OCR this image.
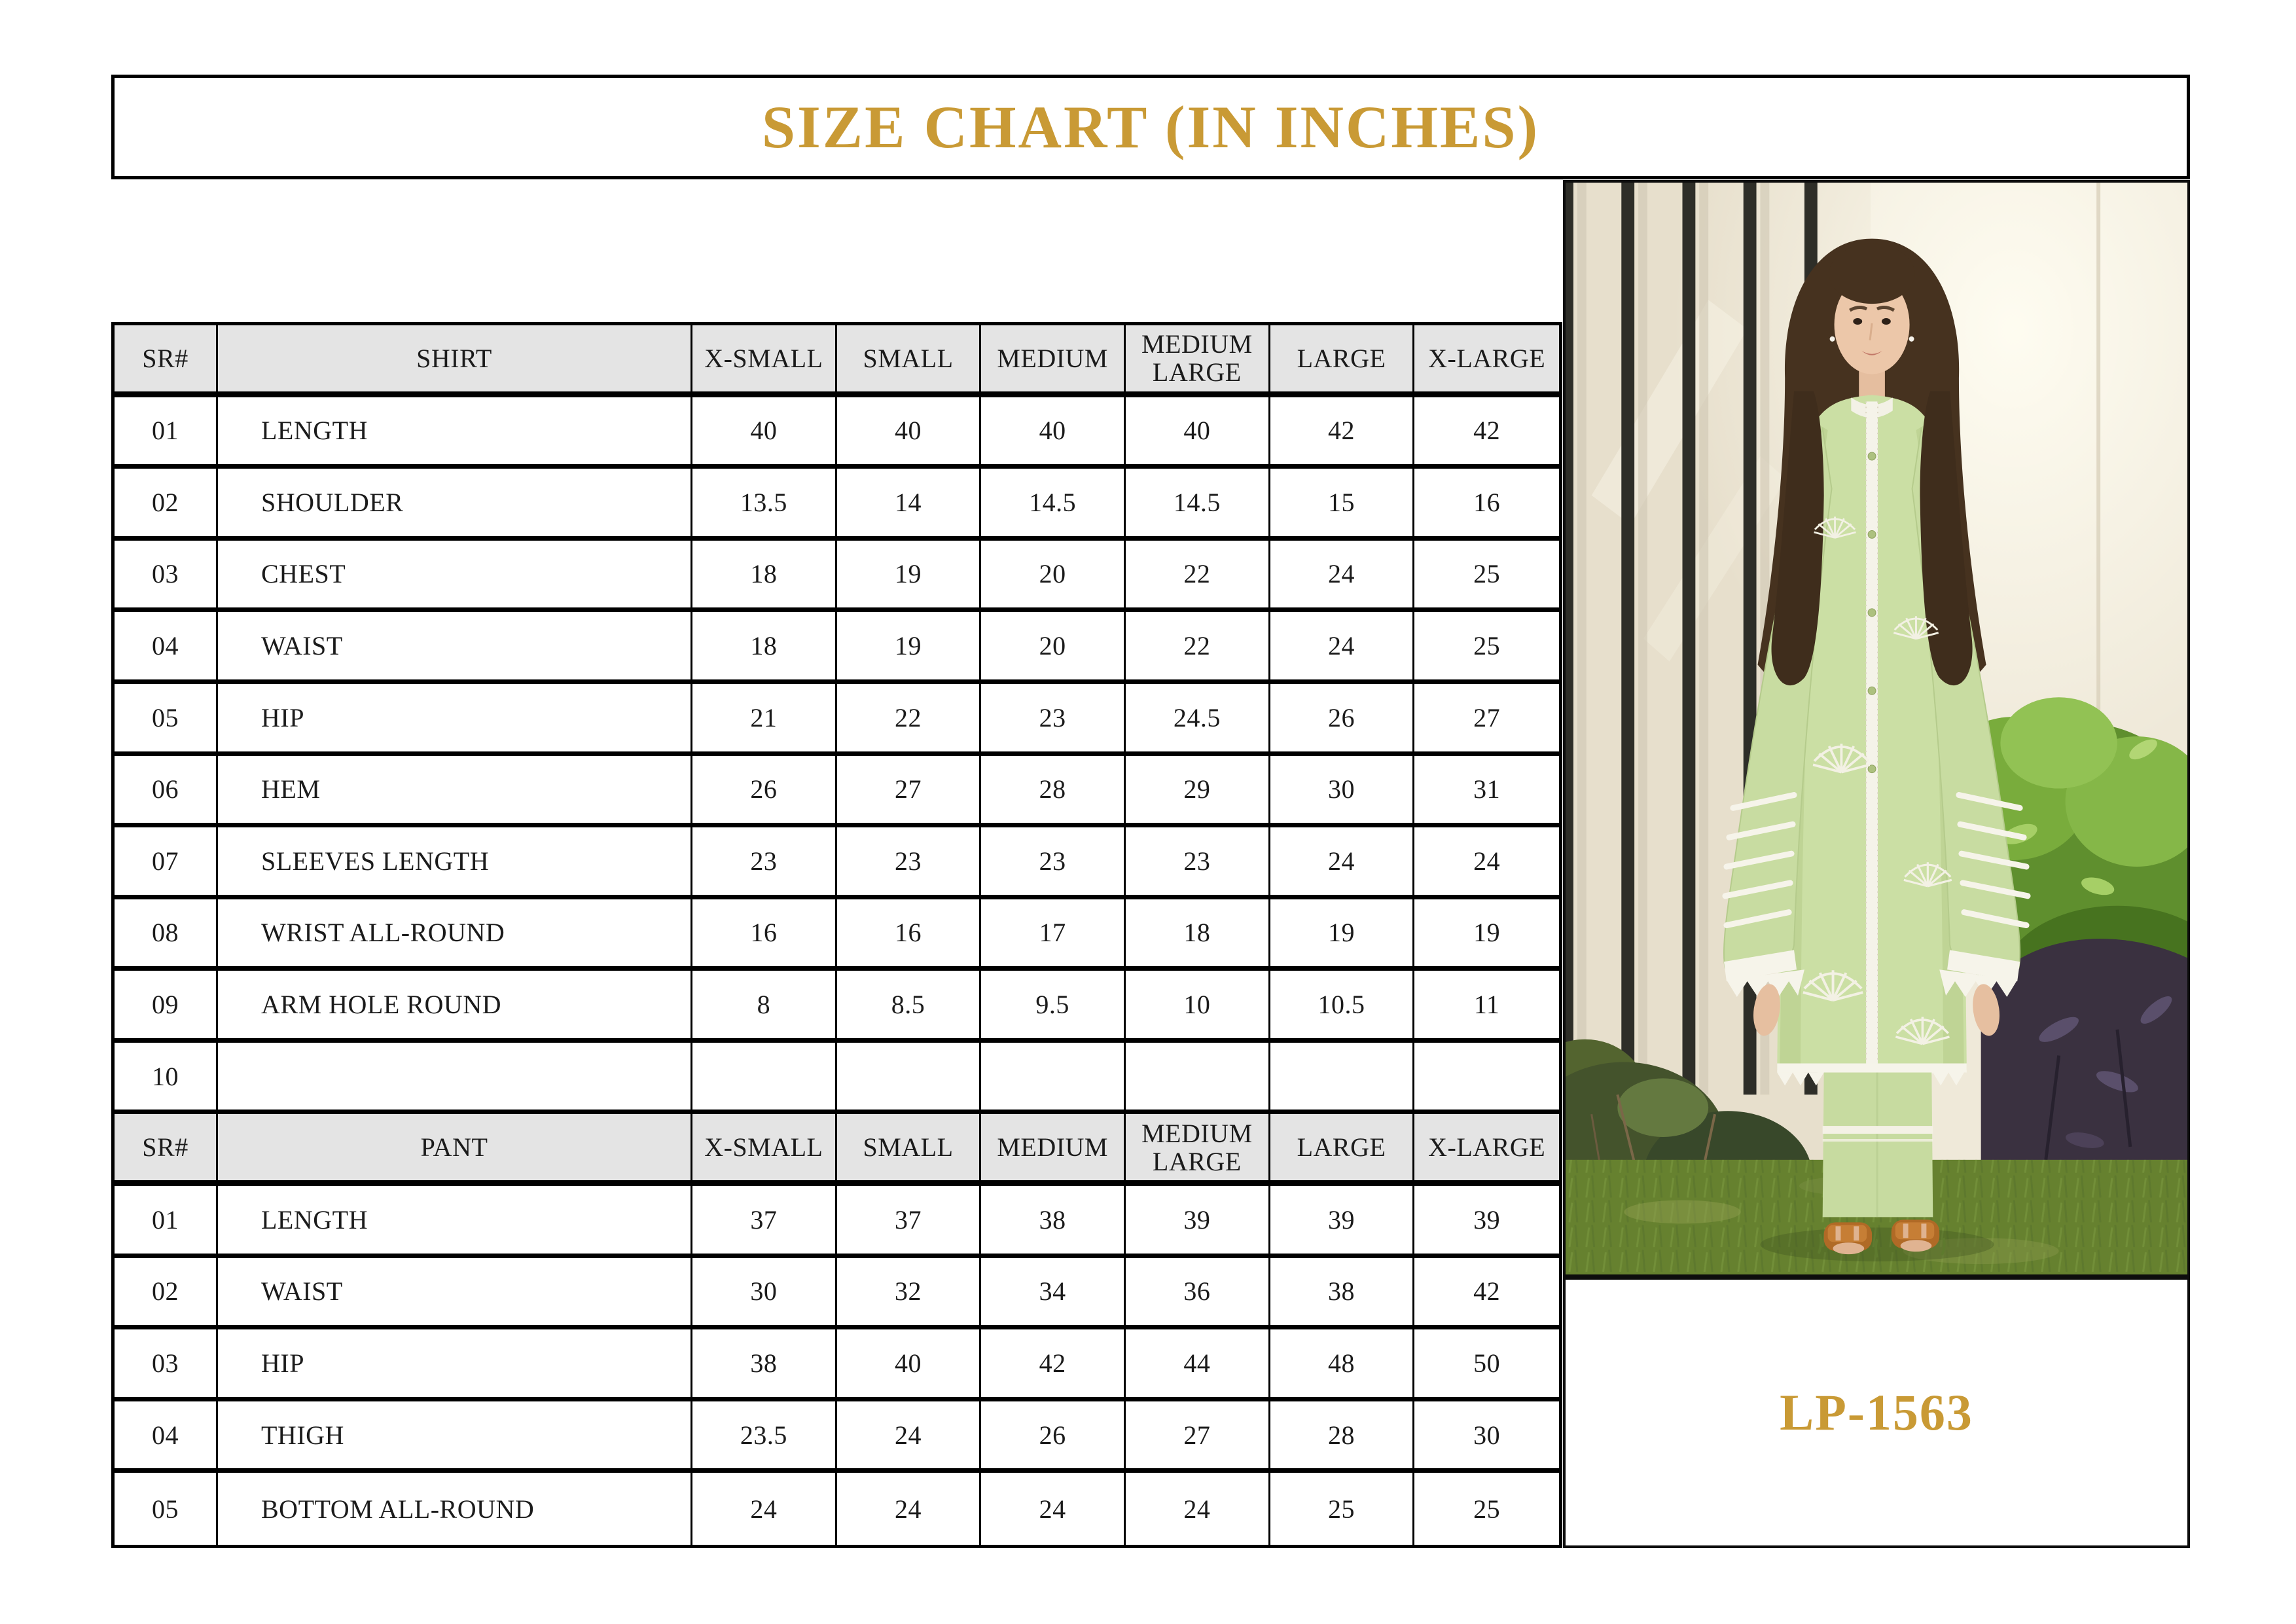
SIZE CHART (IN INCHES)
SR#	SHIRT	X-SMALL	SMALL	MEDIUM	MEDIUM LARGE	LARGE	X-LARGE
01	LENGTH	40	40	40	40	42	42
02	SHOULDER	13.5	14	14.5	14.5	15	16
03	CHEST	18	19	20	22	24	25
04	WAIST	18	19	20	22	24	25
05	HIP	21	22	23	24.5	26	27
06	HEM	26	27	28	29	30	31
07	SLEEVES LENGTH	23	23	23	23	24	24
08	WRIST ALL-ROUND	16	16	17	18	19	19
09	ARM HOLE ROUND	8	8.5	9.5	10	10.5	11
10
SR#	PANT	X-SMALL	SMALL	MEDIUM	MEDIUM LARGE	LARGE	X-LARGE
01	LENGTH	37	37	38	39	39	39
02	WAIST	30	32	34	36	38	42
03	HIP	38	40	42	44	48	50
04	THIGH	23.5	24	26	27	28	30
05	BOTTOM ALL-ROUND	24	24	24	24	25	25
LP-1563
